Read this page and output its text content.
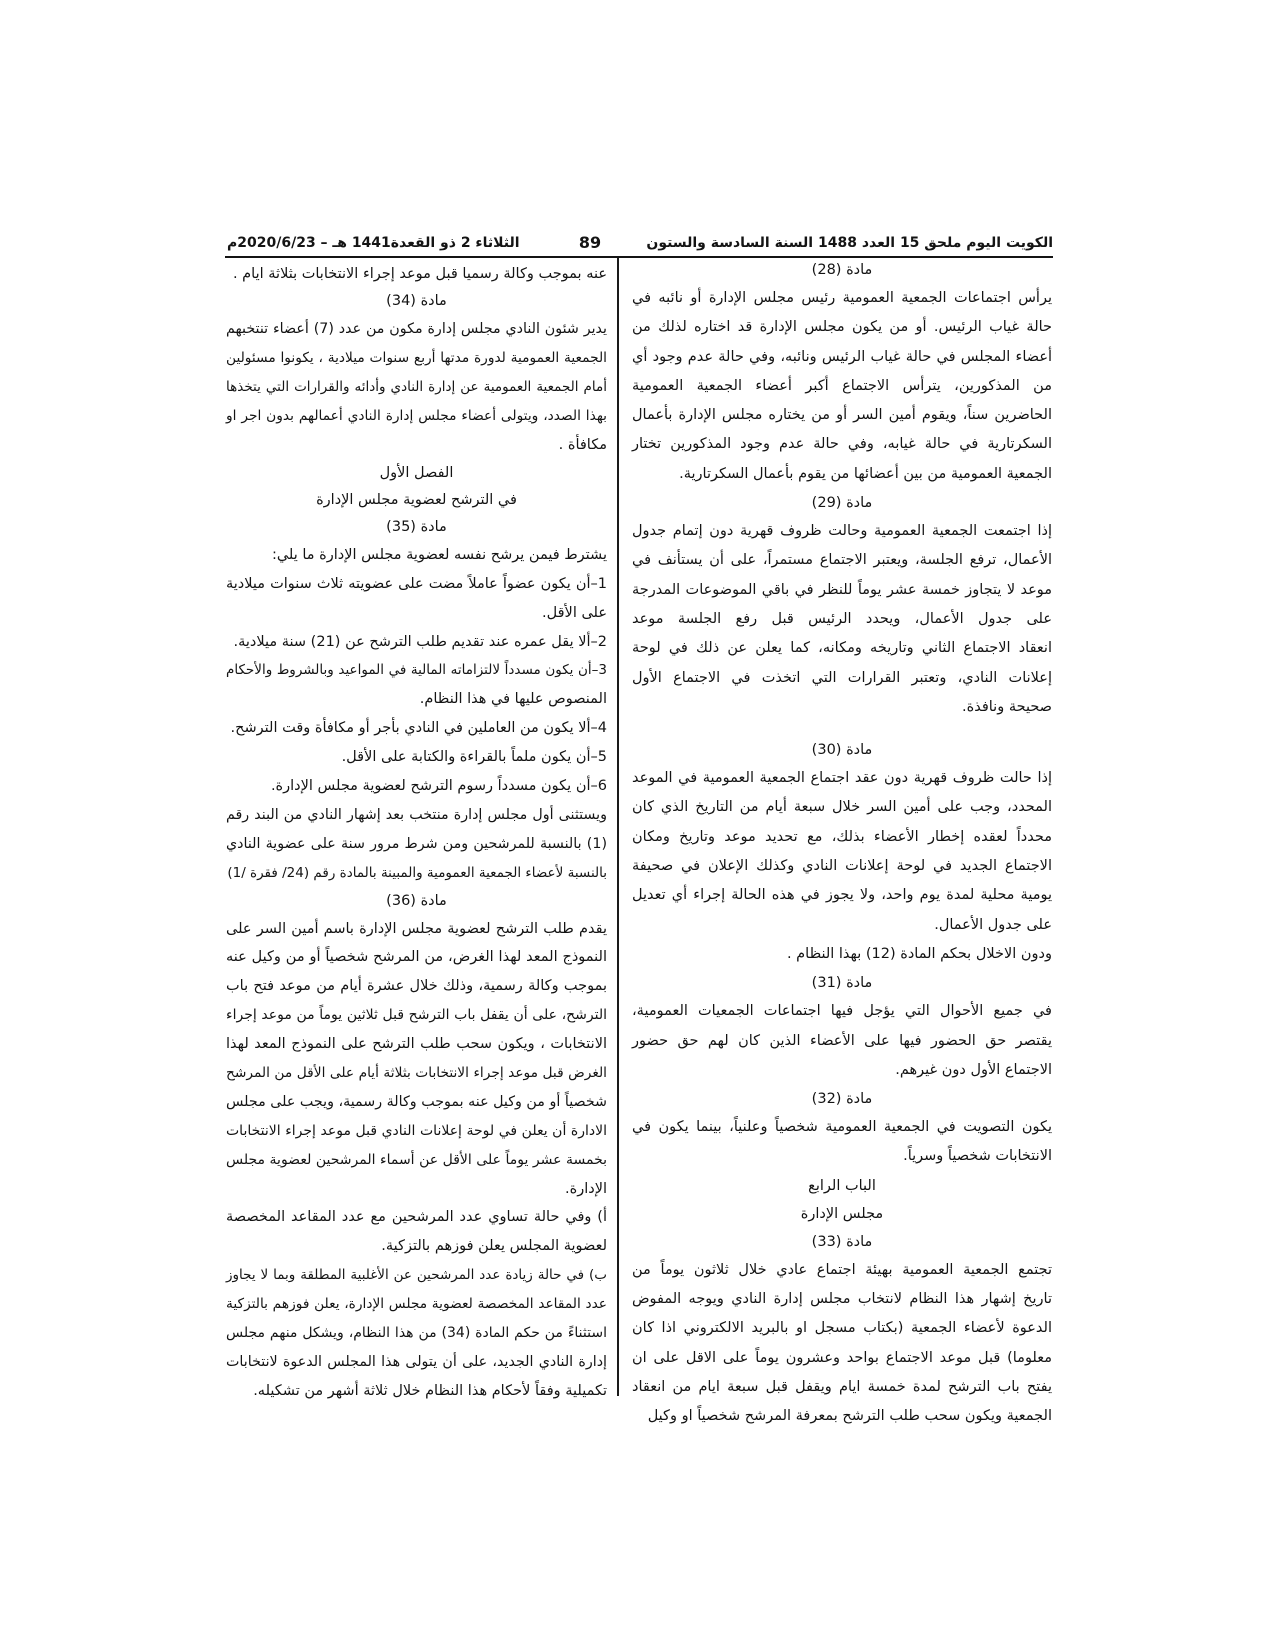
الكويت اليوم ملحق 15 العدد 1488 السنة السادسة والستون
89
الثلاثاء 2 ذو القعدة1441 هـ – 2020/6/23م
مادة (28)
يرأس اجتماعات الجمعية العمومية رئيس مجلس الإدارة أو نائبه في
حالة غياب الرئيس. أو من يكون مجلس الإدارة قد اختاره لذلك من
أعضاء المجلس في حالة غياب الرئيس ونائبه، وفي حالة عدم وجود أي
من المذكورين، يترأس الاجتماع أكبر أعضاء الجمعية العمومية
الحاضرين سناً، ويقوم أمين السر أو من يختاره مجلس الإدارة بأعمال
السكرتارية في حالة غيابه، وفي حالة عدم وجود المذكورين تختار
الجمعية العمومية من بين أعضائها من يقوم بأعمال السكرتارية.
مادة (29)
إذا اجتمعت الجمعية العمومية وحالت ظروف قهرية دون إتمام جدول
الأعمال، ترفع الجلسة، ويعتبر الاجتماع مستمراً، على أن يستأنف في
موعد لا يتجاوز خمسة عشر يوماً للنظر في باقي الموضوعات المدرجة
على جدول الأعمال، ويحدد الرئيس قبل رفع الجلسة موعد
انعقاد الاجتماع الثاني وتاريخه ومكانه، كما يعلن عن ذلك في لوحة
إعلانات النادي، وتعتبر القرارات التي اتخذت في الاجتماع الأول
صحيحة ونافذة.
مادة (30)
إذا حالت ظروف قهرية دون عقد اجتماع الجمعية العمومية في الموعد
المحدد، وجب على أمين السر خلال سبعة أيام من التاريخ الذي كان
محدداً لعقده إخطار الأعضاء بذلك، مع تحديد موعد وتاريخ ومكان
الاجتماع الجديد في لوحة إعلانات النادي وكذلك الإعلان في صحيفة
يومية محلية لمدة يوم واحد، ولا يجوز في هذه الحالة إجراء أي تعديل
على جدول الأعمال.
ودون الاخلال بحكم المادة (12) بهذا النظام .
مادة (31)
في جميع الأحوال التي يؤجل فيها اجتماعات الجمعيات العمومية،
يقتصر حق الحضور فيها على الأعضاء الذين كان لهم حق حضور
الاجتماع الأول دون غيرهم.
مادة (32)
يكون التصويت في الجمعية العمومية شخصياً وعلنياً، بينما يكون في
الانتخابات شخصياً وسرياً.
الباب الرابع
مجلس الإدارة
مادة (33)
تجتمع الجمعية العمومية بهيئة اجتماع عادي خلال ثلاثون يوماً من
تاريخ إشهار هذا النظام لانتخاب مجلس إدارة النادي ويوجه المفوض
الدعوة لأعضاء الجمعية (بكتاب مسجل او بالبريد الالكتروني اذا كان
معلوما) قبل موعد الاجتماع بواحد وعشرون يوماً على الاقل على ان
يفتح باب الترشح لمدة خمسة ايام ويقفل قبل سبعة ايام من انعقاد
الجمعية ويكون سحب طلب الترشح بمعرفة المرشح شخصياً او وكيل
عنه بموجب وكالة رسميا قبل موعد إجراء الانتخابات بثلاثة ايام .
مادة (34)
يدير شئون النادي مجلس إدارة مكون من عدد (7) أعضاء تنتخبهم
الجمعية العمومية لدورة مدتها أربع سنوات ميلادية ، يكونوا مسئولين
أمام الجمعية العمومية عن إدارة النادي وأدائه والقرارات التي يتخذها
بهذا الصدد، ويتولى أعضاء مجلس إدارة النادي أعمالهم بدون اجر او
مكافأة .
الفصل الأول
في الترشح لعضوية مجلس الإدارة
مادة (35)
يشترط فيمن يرشح نفسه لعضوية مجلس الإدارة ما يلي:
1–أن يكون عضواً عاملاً مضت على عضويته ثلاث سنوات ميلادية
على الأقل.
2–ألا يقل عمره عند تقديم طلب الترشح عن (21) سنة ميلادية.
3–أن يكون مسدداً لالتزاماته المالية في المواعيد وبالشروط والأحكام
المنصوص عليها في هذا النظام.
4–ألا يكون من العاملين في النادي بأجر أو مكافأة وقت الترشح.
5–أن يكون ملماً بالقراءة والكتابة على الأقل.
6–أن يكون مسدداً رسوم الترشح لعضوية مجلس الإدارة.
ويستثنى أول مجلس إدارة منتخب بعد إشهار النادي من البند رقم
(1) بالنسبة للمرشحين ومن شرط مرور سنة على عضوية النادي
بالنسبة لأعضاء الجمعية العمومية والمبينة بالمادة رقم (24/ فقرة /1)
مادة (36)
يقدم طلب الترشح لعضوية مجلس الإدارة باسم أمين السر على
النموذج المعد لهذا الغرض، من المرشح شخصياً أو من وكيل عنه
بموجب وكالة رسمية، وذلك خلال عشرة أيام من موعد فتح باب
الترشح، على أن يقفل باب الترشح قبل ثلاثين يوماً من موعد إجراء
الانتخابات ، ويكون سحب طلب الترشح على النموذج المعد لهذا
الغرض قبل موعد إجراء الانتخابات بثلاثة أيام على الأقل من المرشح
شخصياً أو من وكيل عنه بموجب وكالة رسمية، ويجب على مجلس
الادارة أن يعلن في لوحة إعلانات النادي قبل موعد إجراء الانتخابات
بخمسة عشر يوماً على الأقل عن أسماء المرشحين لعضوية مجلس
الإدارة.
أ) وفي حالة تساوي عدد المرشحين مع عدد المقاعد المخصصة
لعضوية المجلس يعلن فوزهم بالتزكية.
ب) في حالة زيادة عدد المرشحين عن الأغلبية المطلقة وبما لا يجاوز
عدد المقاعد المخصصة لعضوية مجلس الإدارة، يعلن فوزهم بالتزكية
استثناءً من حكم المادة (34) من هذا النظام، ويشكل منهم مجلس
إدارة النادي الجديد، على أن يتولى هذا المجلس الدعوة لانتخابات
تكميلية وفقاً لأحكام هذا النظام خلال ثلاثة أشهر من تشكيله.
